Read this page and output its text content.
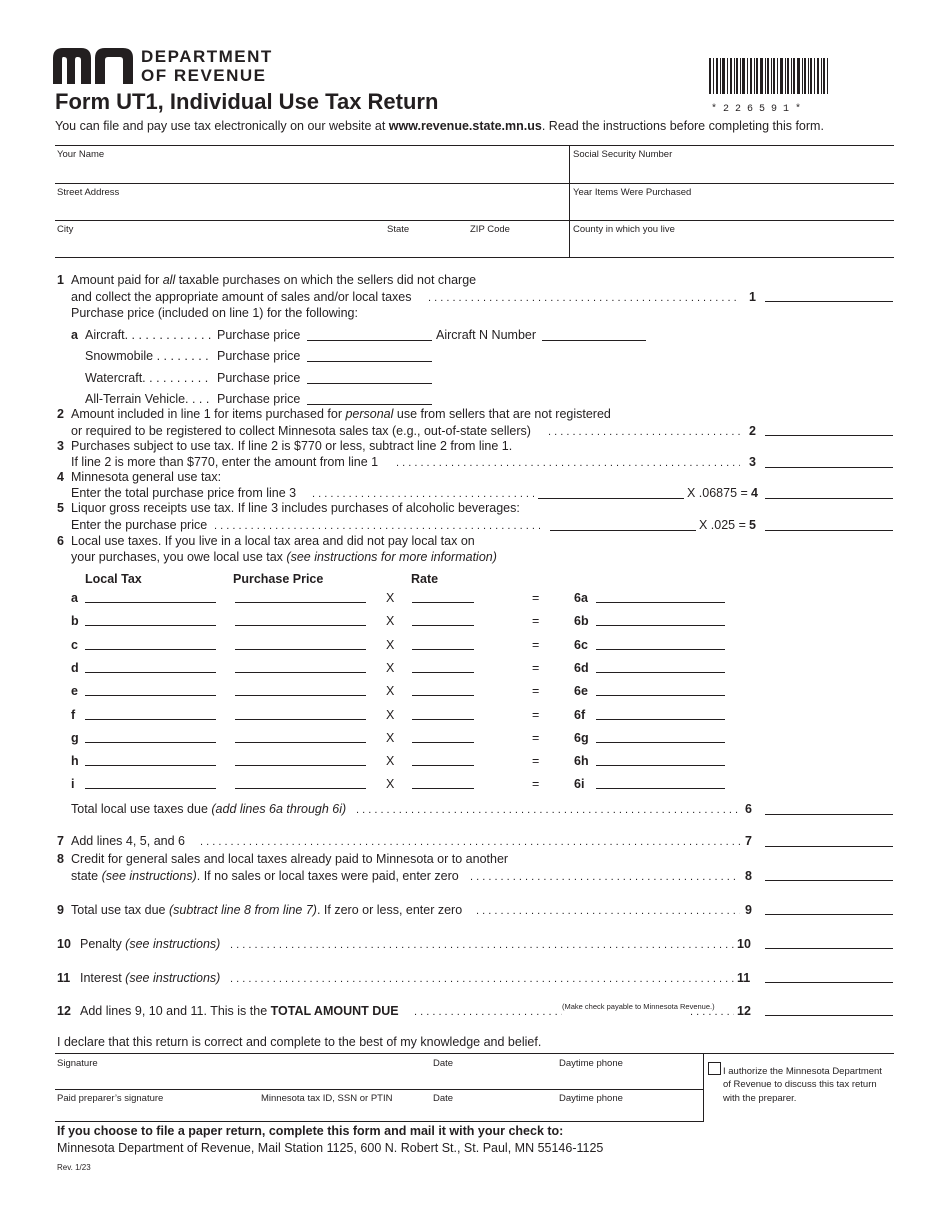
DEPARTMENT
OF REVENUE
* 2 2 6 5 9 1 *
Form UT1, Individual Use Tax Return
You can file and pay use tax electronically on our website at www.revenue.state.mn.us. Read the instructions before completing this form.
Your Name	Social Security Number
Street Address	Year Items Were Purchased
City	State	ZIP Code	County in which you live
1 Amount paid for all taxable purchases on which the sellers did not charge
and collect the appropriate amount of sales and/or local taxes . . .	1
Purchase price (included on line 1) for the following:
a Aircraft. . . . . . . . . . . . . Purchase price	Aircraft N Number
Snowmobile . . . . . . . . Purchase price
Watercraft. . . . . . . . . . Purchase price
All-Terrain Vehicle. . . . Purchase price
2 Amount included in line 1 for items purchased for personal use from sellers that are not registered
or required to be registered to collect Minnesota sales tax (e.g., out-of-state sellers) . . .	2
3 Purchases subject to use tax. If line 2 is $770 or less, subtract line 2 from line 1.
If line 2 is more than $770, enter the amount from line 1 . . .	3
4 Minnesota general use tax:
Enter the total purchase price from line 3 . . .	X .06875 = 4
5 Liquor gross receipts use tax. If line 3 includes purchases of alcoholic beverages:
Enter the purchase price . . .	X .025 = 5
6 Local use taxes. If you live in a local tax area and did not pay local tax on
your purchases, you owe local use tax (see instructions for more information)
Local Tax	Purchase Price	Rate
a	X	=	6a
b	X	=	6b
c	X	=	6c
d	X	=	6d
e	X	=	6e
f	X	=	6f
g	X	=	6g
h	X	=	6h
i	X	=	6i
Total local use taxes due (add lines 6a through 6i) . . .	6
7 Add lines 4, 5, and 6 . . .	7
8 Credit for general sales and local taxes already paid to Minnesota or to another
state (see instructions). If no sales or local taxes were paid, enter zero . . .	8
9 Total use tax due (subtract line 8 from line 7). If zero or less, enter zero . . .	9
10 Penalty (see instructions) . . .	10
11 Interest (see instructions) . . .	11
12 Add lines 9, 10 and 11. This is the TOTAL AMOUNT DUE . . .	(Make check payable to Minnesota Revenue.) . . . 12
I declare that this return is correct and complete to the best of my knowledge and belief.
Signature	Date	Daytime phone
Paid preparer’s signature	Minnesota tax ID, SSN or PTIN	Date	Daytime phone
I authorize the Minnesota Department
of Revenue to discuss this tax return
with the preparer.
If you choose to file a paper return, complete this form and mail it with your check to:
Minnesota Department of Revenue, Mail Station 1125, 600 N. Robert St., St. Paul, MN 55146-1125
Rev. 1/23
